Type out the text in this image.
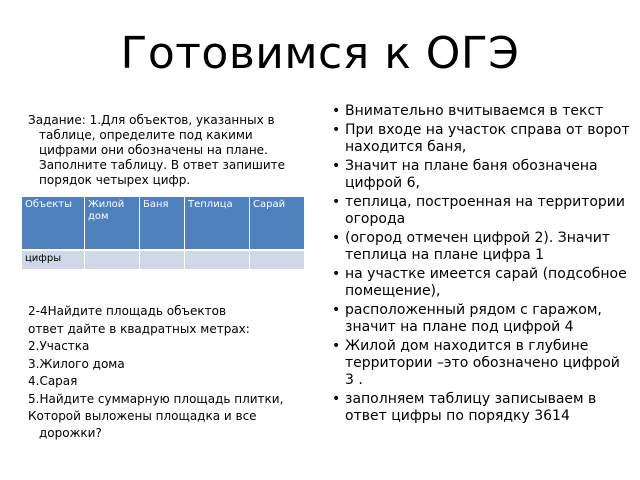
Готовимся к ОГЭ
Задание: 1.Для объектов, указанных в
таблице, определите под какими
цифрами они обозначены на плане.
Заполните таблицу. В ответ запишите
порядок четырех цифр.
Объекты	Жилой дом	Баня	Теплица	Сарай
цифры				
2-4Найдите площадь объектов
ответ дайте в квадратных метрах:
2.Участка
3.Жилого дома
4.Сарая
5.Найдите суммарную площадь плитки,
Которой выложены площадка и все
дорожки?
• Внимательно вчитываемся в текст
• При входе на участок справа от ворот находится баня,
• Значит на плане баня обозначена цифрой 6,
• теплица, построенная на территории огорода
• (огород отмечен цифрой 2). Значит теплица на плане цифра 1
• на участке имеется сарай (подсобное помещение),
• расположенный рядом с гаражом, значит на плане под цифрой 4
• Жилой дом находится в глубине территории –это обозначено цифрой 3 .
• заполняем таблицу записываем в ответ цифры по порядку 3614
